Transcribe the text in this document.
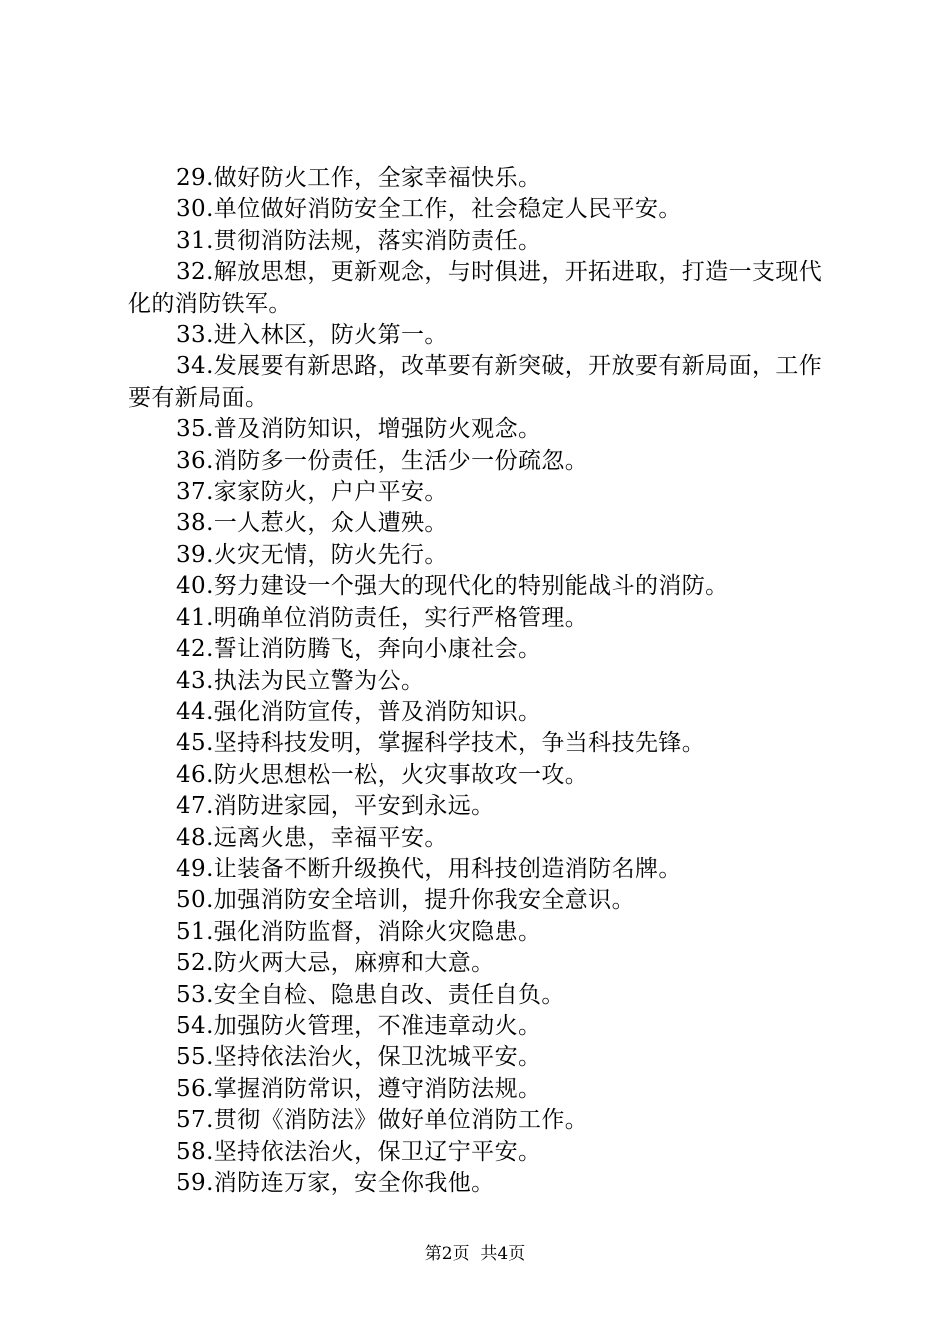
29.做好防火工作，全家幸福快乐。

30.单位做好消防安全工作，社会稳定人民平安。

31.贯彻消防法规，落实消防责任。

32.解放思想，更新观念，与时俱进，开拓进取，打造一支现代化的消防铁军。

33.进入林区，防火第一。

34.发展要有新思路，改革要有新突破，开放要有新局面，工作要有新局面。

35.普及消防知识，增强防火观念。

36.消防多一份责任，生活少一份疏忽。

37.家家防火，户户平安。

38.一人惹火，众人遭殃。

39.火灾无情，防火先行。

40.努力建设一个强大的现代化的特别能战斗的消防。

41.明确单位消防责任，实行严格管理。

42.誓让消防腾飞，奔向小康社会。

43.执法为民立警为公。

44.强化消防宣传，普及消防知识。

45.坚持科技发明，掌握科学技术，争当科技先锋。

46.防火思想松一松，火灾事故攻一攻。

47.消防进家园，平安到永远。

48.远离火患，幸福平安。

49.让装备不断升级换代，用科技创造消防名牌。

50.加强消防安全培训，提升你我安全意识。

51.强化消防监督，消除火灾隐患。

52.防火两大忌，麻痹和大意。

53.安全自检、隐患自改、责任自负。

54.加强防火管理，不准违章动火。

55.坚持依法治火，保卫沈城平安。

56.掌握消防常识，遵守消防法规。

57.贯彻《消防法》做好单位消防工作。

58.坚持依法治火，保卫辽宁平安。

59.消防连万家，安全你我他。

第2页  共4页
